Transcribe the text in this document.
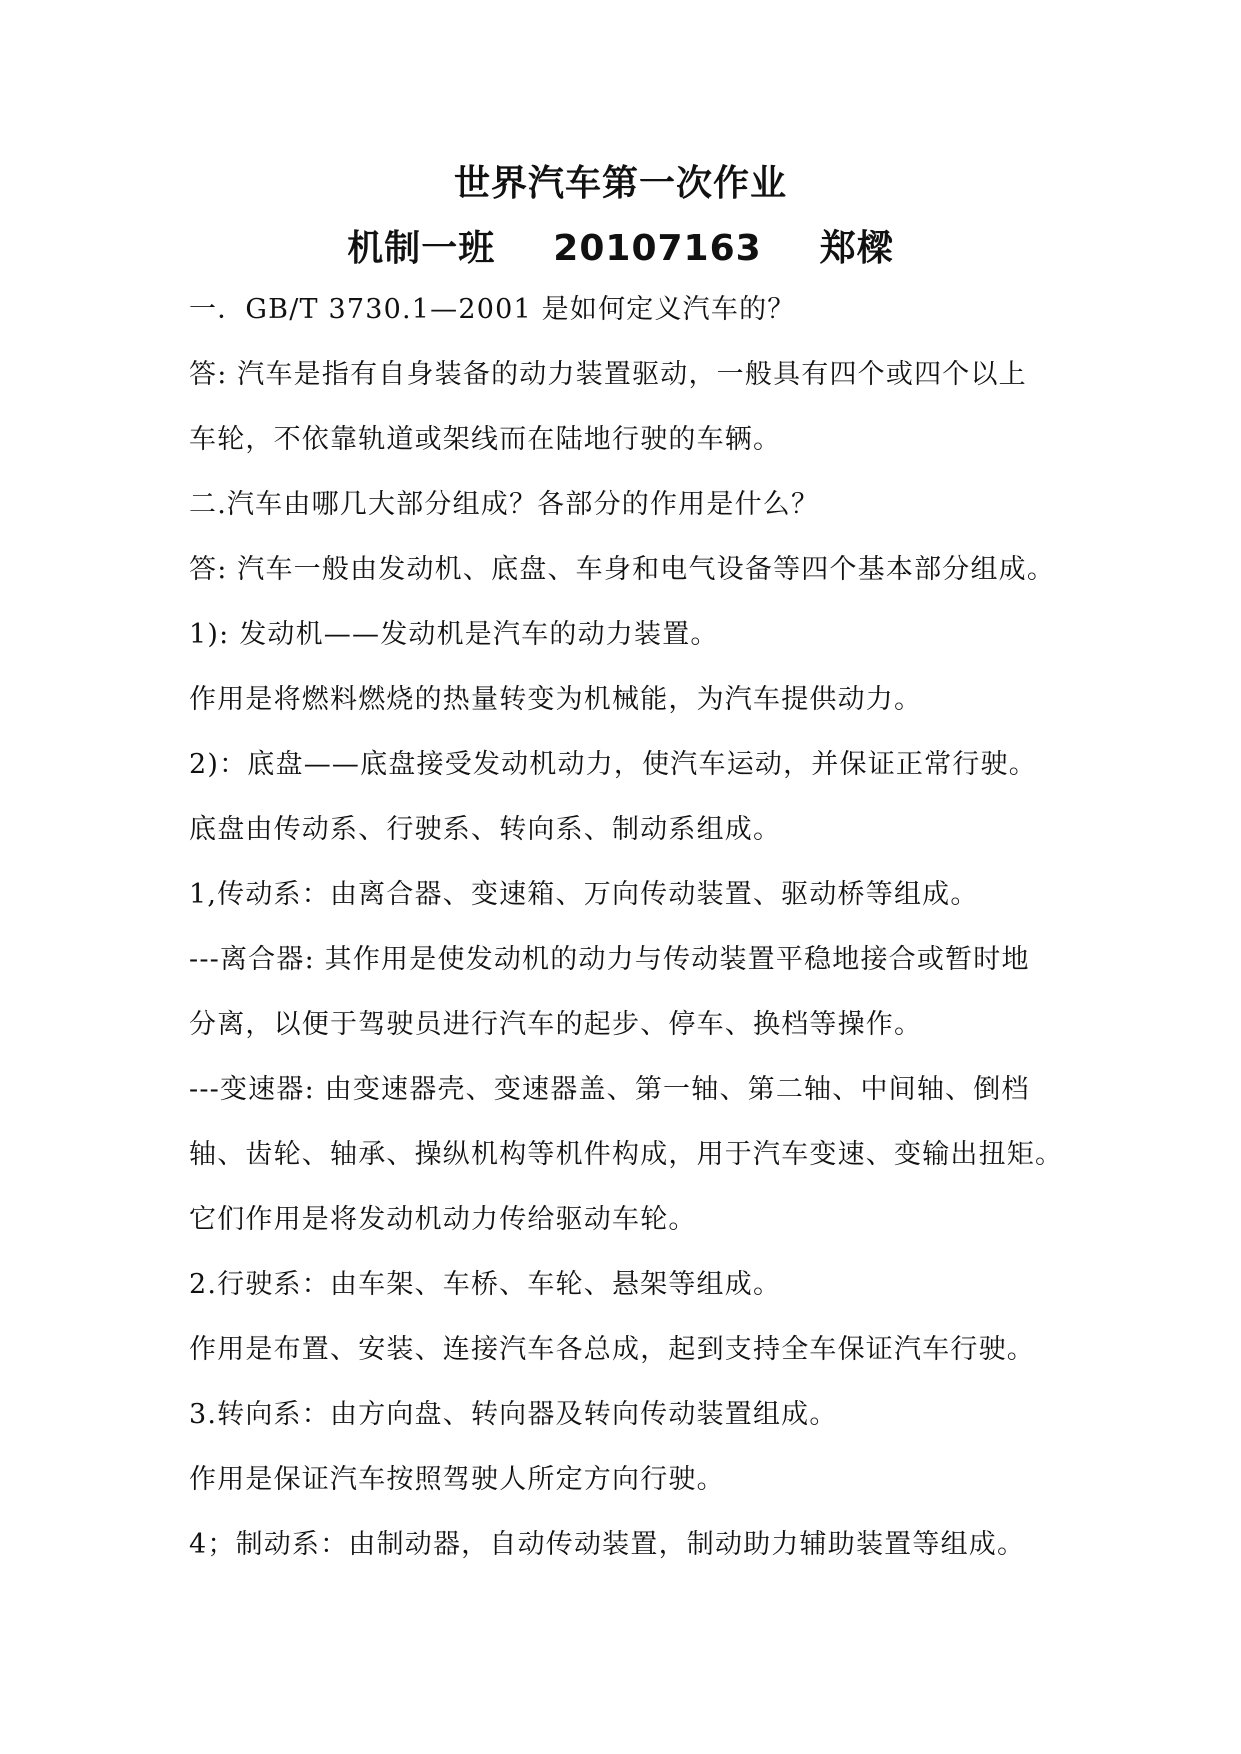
世界汽车第一次作业
机制一班 20107163 郑樑
一．GB/T 3730.1—2001 是如何定义汽车的？
答: 汽车是指有自身装备的动力装置驱动，一般具有四个或四个以上
车轮，不依靠轨道或架线而在陆地行驶的车辆。
二.汽车由哪几大部分组成？各部分的作用是什么？
答: 汽车一般由发动机、底盘、车身和电气设备等四个基本部分组成。
1): 发动机——发动机是汽车的动力装置。
作用是将燃料燃烧的热量转变为机械能，为汽车提供动力。
2)：底盘——底盘接受发动机动力，使汽车运动，并保证正常行驶。
底盘由传动系、行驶系、转向系、制动系组成。
1,传动系：由离合器、变速箱、万向传动装置、驱动桥等组成。
---离合器: 其作用是使发动机的动力与传动装置平稳地接合或暂时地
分离，以便于驾驶员进行汽车的起步、停车、换档等操作。
---变速器: 由变速器壳、变速器盖、第一轴、第二轴、中间轴、倒档
轴、齿轮、轴承、操纵机构等机件构成，用于汽车变速、变输出扭矩。
它们作用是将发动机动力传给驱动车轮。
2.行驶系：由车架、车桥、车轮、悬架等组成。
作用是布置、安装、连接汽车各总成，起到支持全车保证汽车行驶。
3.转向系：由方向盘、转向器及转向传动装置组成。
作用是保证汽车按照驾驶人所定方向行驶。
4；制动系：由制动器，自动传动装置，制动助力辅助装置等组成。
